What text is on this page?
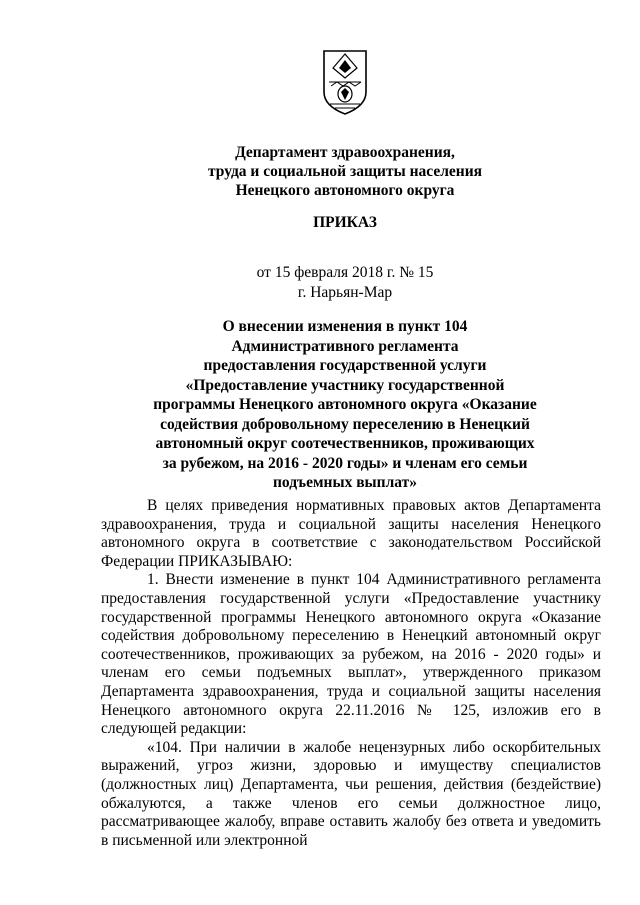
Департамент здравоохранения,
труда и социальной защиты населения
Ненецкого автономного округа
ПРИКАЗ
от 15 февраля 2018 г. № 15
г. Нарьян-Мар
О внесении изменения в пункт 104
Административного регламента
предоставления государственной услуги
«Предоставление участнику государственной
программы Ненецкого автономного округа «Оказание
содействия добровольному переселению в Ненецкий
автономный округ соотечественников, проживающих
за рубежом, на 2016 - 2020 годы» и членам его семьи
подъемных выплат»

В целях приведения нормативных правовых актов Департамента здравоохранения, труда и социальной защиты населения Ненецкого автономного округа в соответствие с законодательством Российской Федерации ПРИКАЗЫВАЮ:

1. Внести изменение в пункт 104 Административного регламента предоставления государственной услуги «Предоставление участнику государственной программы Ненецкого автономного округа «Оказание содействия добровольному переселению в Ненецкий автономный округ соотечественников, проживающих за рубежом, на 2016 - 2020 годы» и членам его семьи подъемных выплат», утвержденного приказом Департамента здравоохранения, труда и социальной защиты населения Ненецкого автономного округа 22.11.2016 № 125, изложив его в следующей редакции:

«104. При наличии в жалобе нецензурных либо оскорбительных выражений, угроз жизни, здоровью и имуществу специалистов (должностных лиц) Департамента, чьи решения, действия (бездействие) обжалуются, а также членов его семьи должностное лицо, рассматривающее жалобу, вправе оставить жалобу без ответа и уведомить в письменной или электронной
